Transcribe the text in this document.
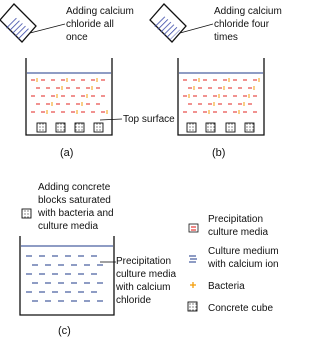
Adding calcium
chloride all
once
Top surface
(a)
Adding calcium
chloride four
times
(b)
Adding concrete
blocks saturated
with bacteria and
culture media
Precipitation
culture media
with calcium
chloride
(c)
Precipitation
culture media
Culture medium
with calcium ion
Bacteria
Concrete cube
